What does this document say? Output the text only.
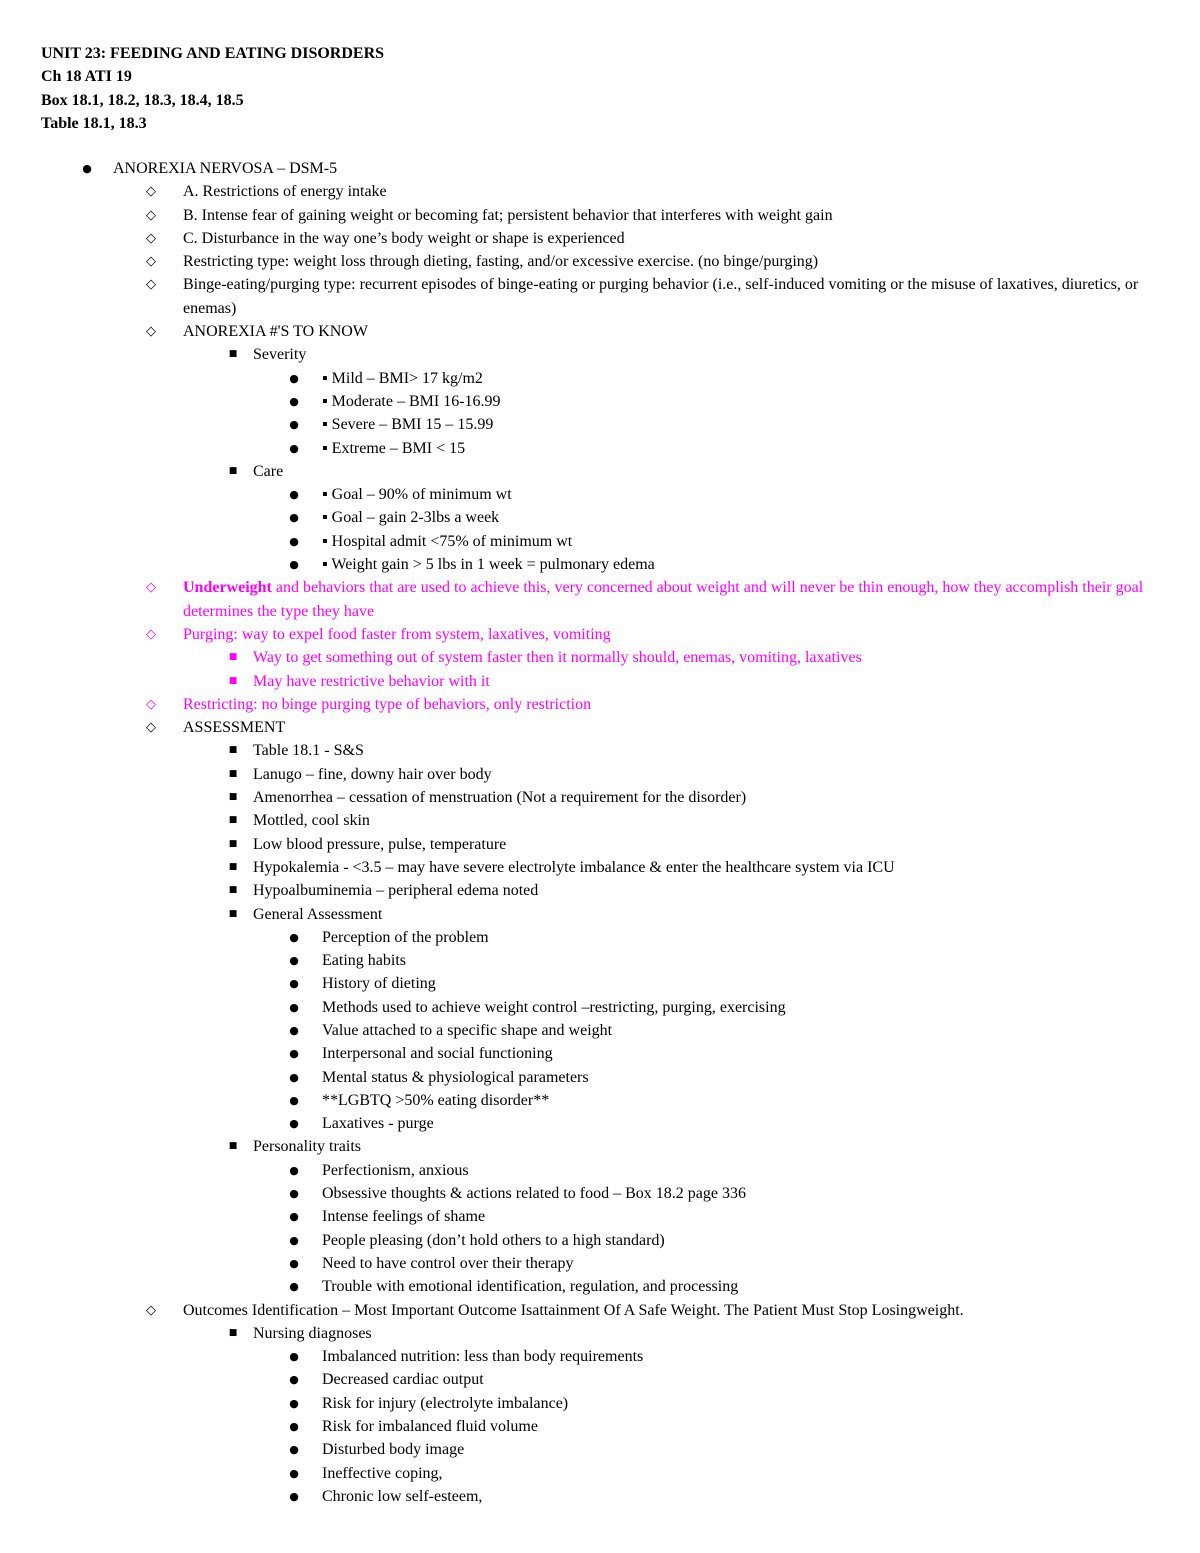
UNIT 23: FEEDING AND EATING DISORDERS
Ch 18 ATI 19
Box 18.1, 18.2, 18.3, 18.4, 18.5
Table 18.1, 18.3
●	ANOREXIA NERVOSA – DSM-5
◇	A. Restrictions of energy intake
◇	B. Intense fear of gaining weight or becoming fat; persistent behavior that interferes with weight gain
◇	C. Disturbance in the way one’s body weight or shape is experienced
◇	Restricting type: weight loss through dieting, fasting, and/or excessive exercise. (no binge/purging)
◇	Binge-eating/purging type: recurrent episodes of binge-eating or purging behavior (i.e., self-induced vomiting or the misuse of laxatives, diuretics, or enemas)
◇	ANOREXIA #'S TO KNOW
■ Severity
●	▪ Mild – BMI> 17 kg/m2
●	▪ Moderate – BMI 16-16.99
●	▪ Severe – BMI 15 – 15.99
●	▪ Extreme – BMI < 15
■ Care
●	▪ Goal – 90% of minimum wt
●	▪ Goal – gain 2-3lbs a week
●	▪ Hospital admit <75% of minimum wt
●	▪ Weight gain > 5 lbs in 1 week = pulmonary edema
◇	Underweight and behaviors that are used to achieve this, very concerned about weight and will never be thin enough, how they accomplish their goal determines the type they have
◇	Purging: way to expel food faster from system, laxatives, vomiting
■ Way to get something out of system faster then it normally should, enemas, vomiting, laxatives
■ May have restrictive behavior with it
◇	Restricting: no binge purging type of behaviors, only restriction
◇	ASSESSMENT
■ Table 18.1 - S&S
■ Lanugo – fine, downy hair over body
■ Amenorrhea – cessation of menstruation (Not a requirement for the disorder)
■ Mottled, cool skin
■ Low blood pressure, pulse, temperature
■ Hypokalemia - <3.5 – may have severe electrolyte imbalance & enter the healthcare system via ICU
■ Hypoalbuminemia – peripheral edema noted
■ General Assessment
●	Perception of the problem
●	Eating habits
●	History of dieting
●	Methods used to achieve weight control –restricting, purging, exercising
●	Value attached to a specific shape and weight
●	Interpersonal and social functioning
●	Mental status & physiological parameters
●	**LGBTQ >50% eating disorder**
●	Laxatives - purge
■ Personality traits
●	Perfectionism, anxious
●	Obsessive thoughts & actions related to food – Box 18.2 page 336
●	Intense feelings of shame
●	People pleasing (don’t hold others to a high standard)
●	Need to have control over their therapy
●	Trouble with emotional identification, regulation, and processing
◇	Outcomes Identification – Most Important Outcome Isattainment Of A Safe Weight. The Patient Must Stop Losingweight.
■ Nursing diagnoses
●	Imbalanced nutrition: less than body requirements
●	Decreased cardiac output
●	Risk for injury (electrolyte imbalance)
●	Risk for imbalanced fluid volume
●	Disturbed body image
●	Ineffective coping,
●	Chronic low self-esteem,
